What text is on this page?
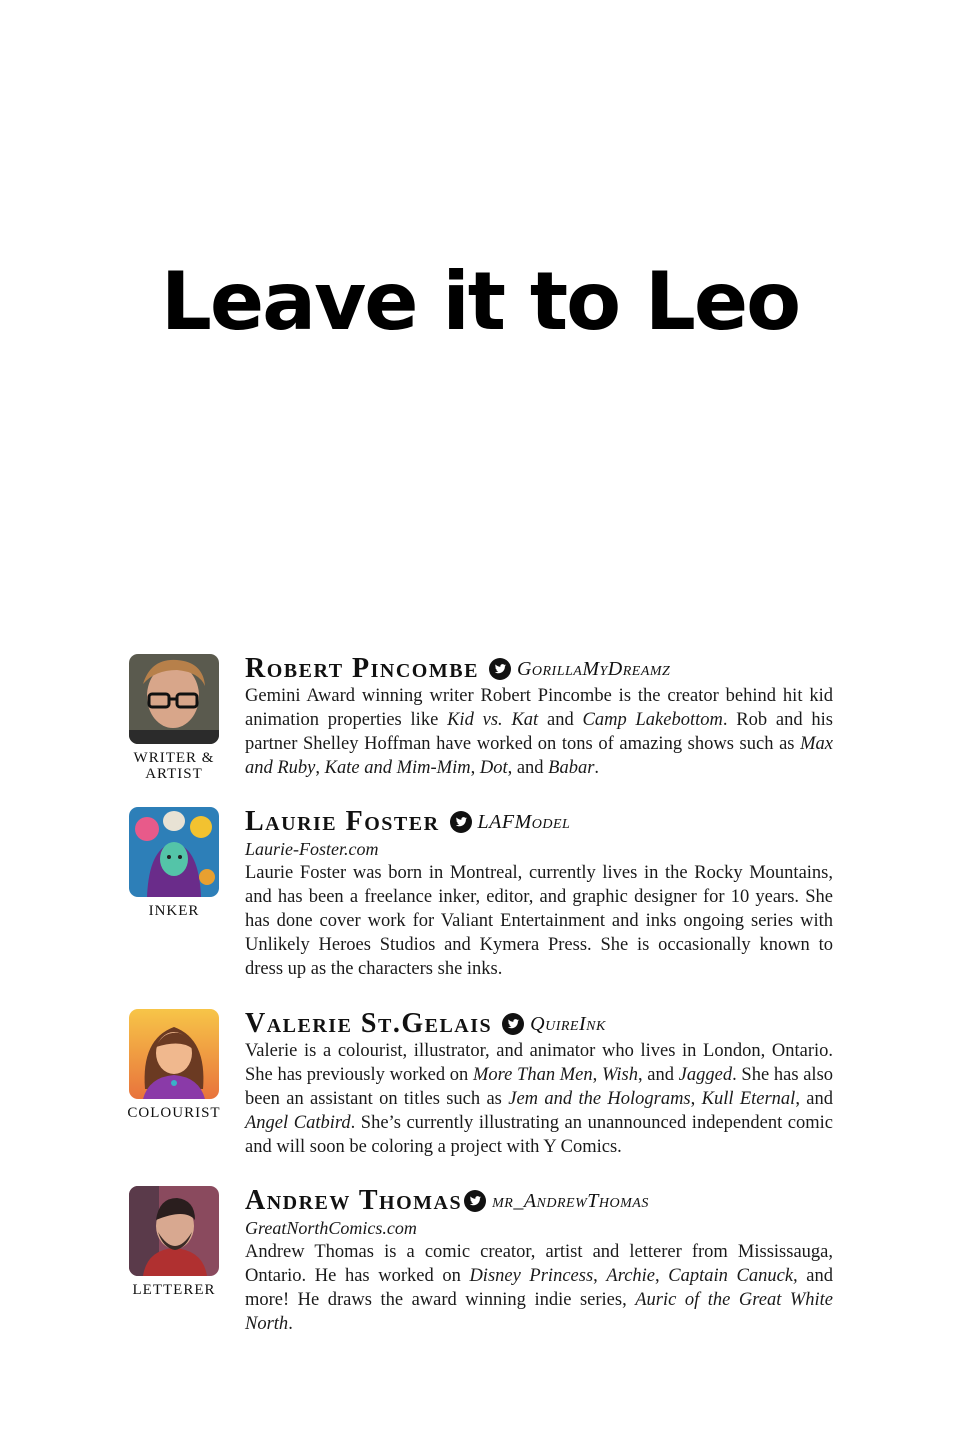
Leave it to Leo
WRITER & ARTIST
Robert Pincombe GorillaMyDreamz

Gemini Award winning writer Robert Pincombe is the creator behind hit kid animation properties like Kid vs. Kat and Camp Lakebottom. Rob and his partner Shelley Hoffman have worked on tons of amazing shows such as Max and Ruby, Kate and Mim-Mim, Dot, and Babar.

INKER
Laurie Foster LAFModel
Laurie-Foster.com

Laurie Foster was born in Montreal, currently lives in the Rocky Mountains, and has been a freelance inker, editor, and graphic designer for 10 years. She has done cover work for Valiant Entertainment and inks ongoing series with Unlikely Heroes Studios and Kymera Press. She is occasionally known to dress up as the characters she inks.

COLOURIST
Valerie St.Gelais QuireInk

Valerie is a colourist, illustrator, and animator who lives in London, Ontario. She has previously worked on More Than Men, Wish, and Jagged. She has also been an assistant on titles such as Jem and the Holograms, Kull Eternal, and Angel Catbird. She’s currently illustrating an unannounced independent comic and will soon be coloring a project with Y Comics.

LETTERER
Andrew Thomas mr_AndrewThomas
GreatNorthComics.com

Andrew Thomas is a comic creator, artist and letterer from Mississauga, Ontario. He has worked on Disney Princess, Archie, Captain Canuck, and more! He draws the award winning indie series, Auric of the Great White North.
